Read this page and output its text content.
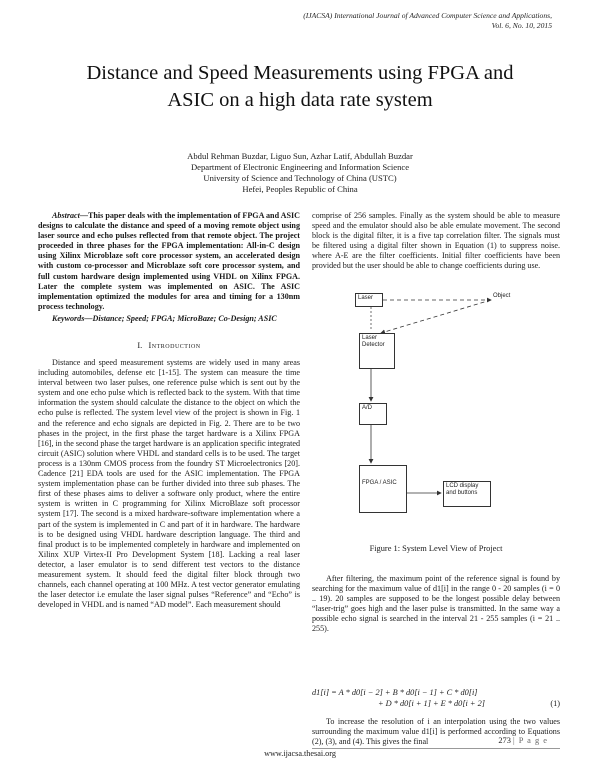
(IJACSA) International Journal of Advanced Computer Science and Applications,
Vol. 6, No. 10, 2015
Distance and Speed Measurements using FPGA and
ASIC on a high data rate system
Abdul Rehman Buzdar, Liguo Sun, Azhar Latif, Abdullah Buzdar
Department of Electronic Engineering and Information Science
University of Science and Technology of China (USTC)
Hefei, Peoples Republic of China
Abstract—This paper deals with the implementation of FPGA and ASIC designs to calculate the distance and speed of a moving remote object using laser source and echo pulses reflected from that remote object. The project proceeded in three phases for the FPGA implementation: All-in-C design using Xilinx Microblaze soft core processor system, an accelerated design with custom co-processor and Microblaze soft core processor system, and full custom hardware design implemented using VHDL on Xilinx FPGA. Later the complete system was implemented on ASIC. The ASIC implementation optimized the modules for area and timing for a 130nm process technology.
Keywords—Distance; Speed; FPGA; MicroBaze; Co-Design; ASIC
I. Introduction
Distance and speed measurement systems are widely used in many areas including automobiles, defense etc [1-15]. The system can measure the time interval between two laser pulses, one reference pulse which is sent out by the system and one echo pulse which is reflected back to the system. With that time information the system should calculate the distance to the object on which the echo pulse is reflected. The system level view of the project is shown in Fig. 1 and the reference and echo signals are depicted in Fig. 2. There are to be two phases in the project, in the first phase the target hardware is a Xilinx FPGA [16], in the second phase the target hardware is an application specific integrated circuit (ASIC) solution where VHDL and standard cells is to be used. The target process is a 130nm CMOS process from the foundry ST Microelectronics [20]. Cadence [21] EDA tools are used for the ASIC implementation. The FPGA system implementation phase can be further divided into three sub phases. The first of these phases aims to deliver a software only product, where the entire system is written in C programming for Xilinx MicroBlaze soft processor system [17]. The second is a mixed hardware-software implementation where a part of the system is implemented in C and part of it in hardware. The hardware is to be designed using VHDL hardware description language. The third and final product is to be implemented completely in hardware and implemented on Xilinx XUP Virtex-II Pro Development System [18]. Lacking a real laser detector, a laser emulator is to send different test vectors to the distance measurement system. It should feed the digital filter block through two channels, each channel operating at 100 MHz. A test vector generator emulating the laser detector i.e emulate the laser signal pulses “Reference” and “Echo” is developed in VHDL and is named “AD model”. Each measurement should
comprise of 256 samples. Finally as the system should be able to measure speed and the emulator should also be able emulate movement. The second block is the digital filter, it is a five tap correlation filter. The signals must be filtered using a digital filter shown in Equation (1) to suppress noise. where A-E are the filter coefficients. Initial filter coefficients have been provided but the user should be able to change coefficients during use.
Laser	Object
Laser Detector
A/D
FPGA / ASIC	LCD display and buttons
Figure 1: System Level View of Project
After filtering, the maximum point of the reference signal is found by searching for the maximum value of d1[i] in the range 0 - 20 samples (i = 0 .. 19). 20 samples are supposed to be the longest possible delay between “laser-trig” goes high and the laser pulse is transmitted. In the same way a possible echo signal is searched in the interval 21 - 255 samples (i = 21 .. 255).
d1[i] = A * d0[i − 2] + B * d0[i − 1] + C * d0[i]
+ D * d0[i + 1] + E * d0[i + 2]	(1)
To increase the resolution of i an interpolation using the two values surrounding the maximum value d1[i] is performed according to Equations (2), (3), and (4). This gives the final	273 | P a g e
www.ijacsa.thesai.org
